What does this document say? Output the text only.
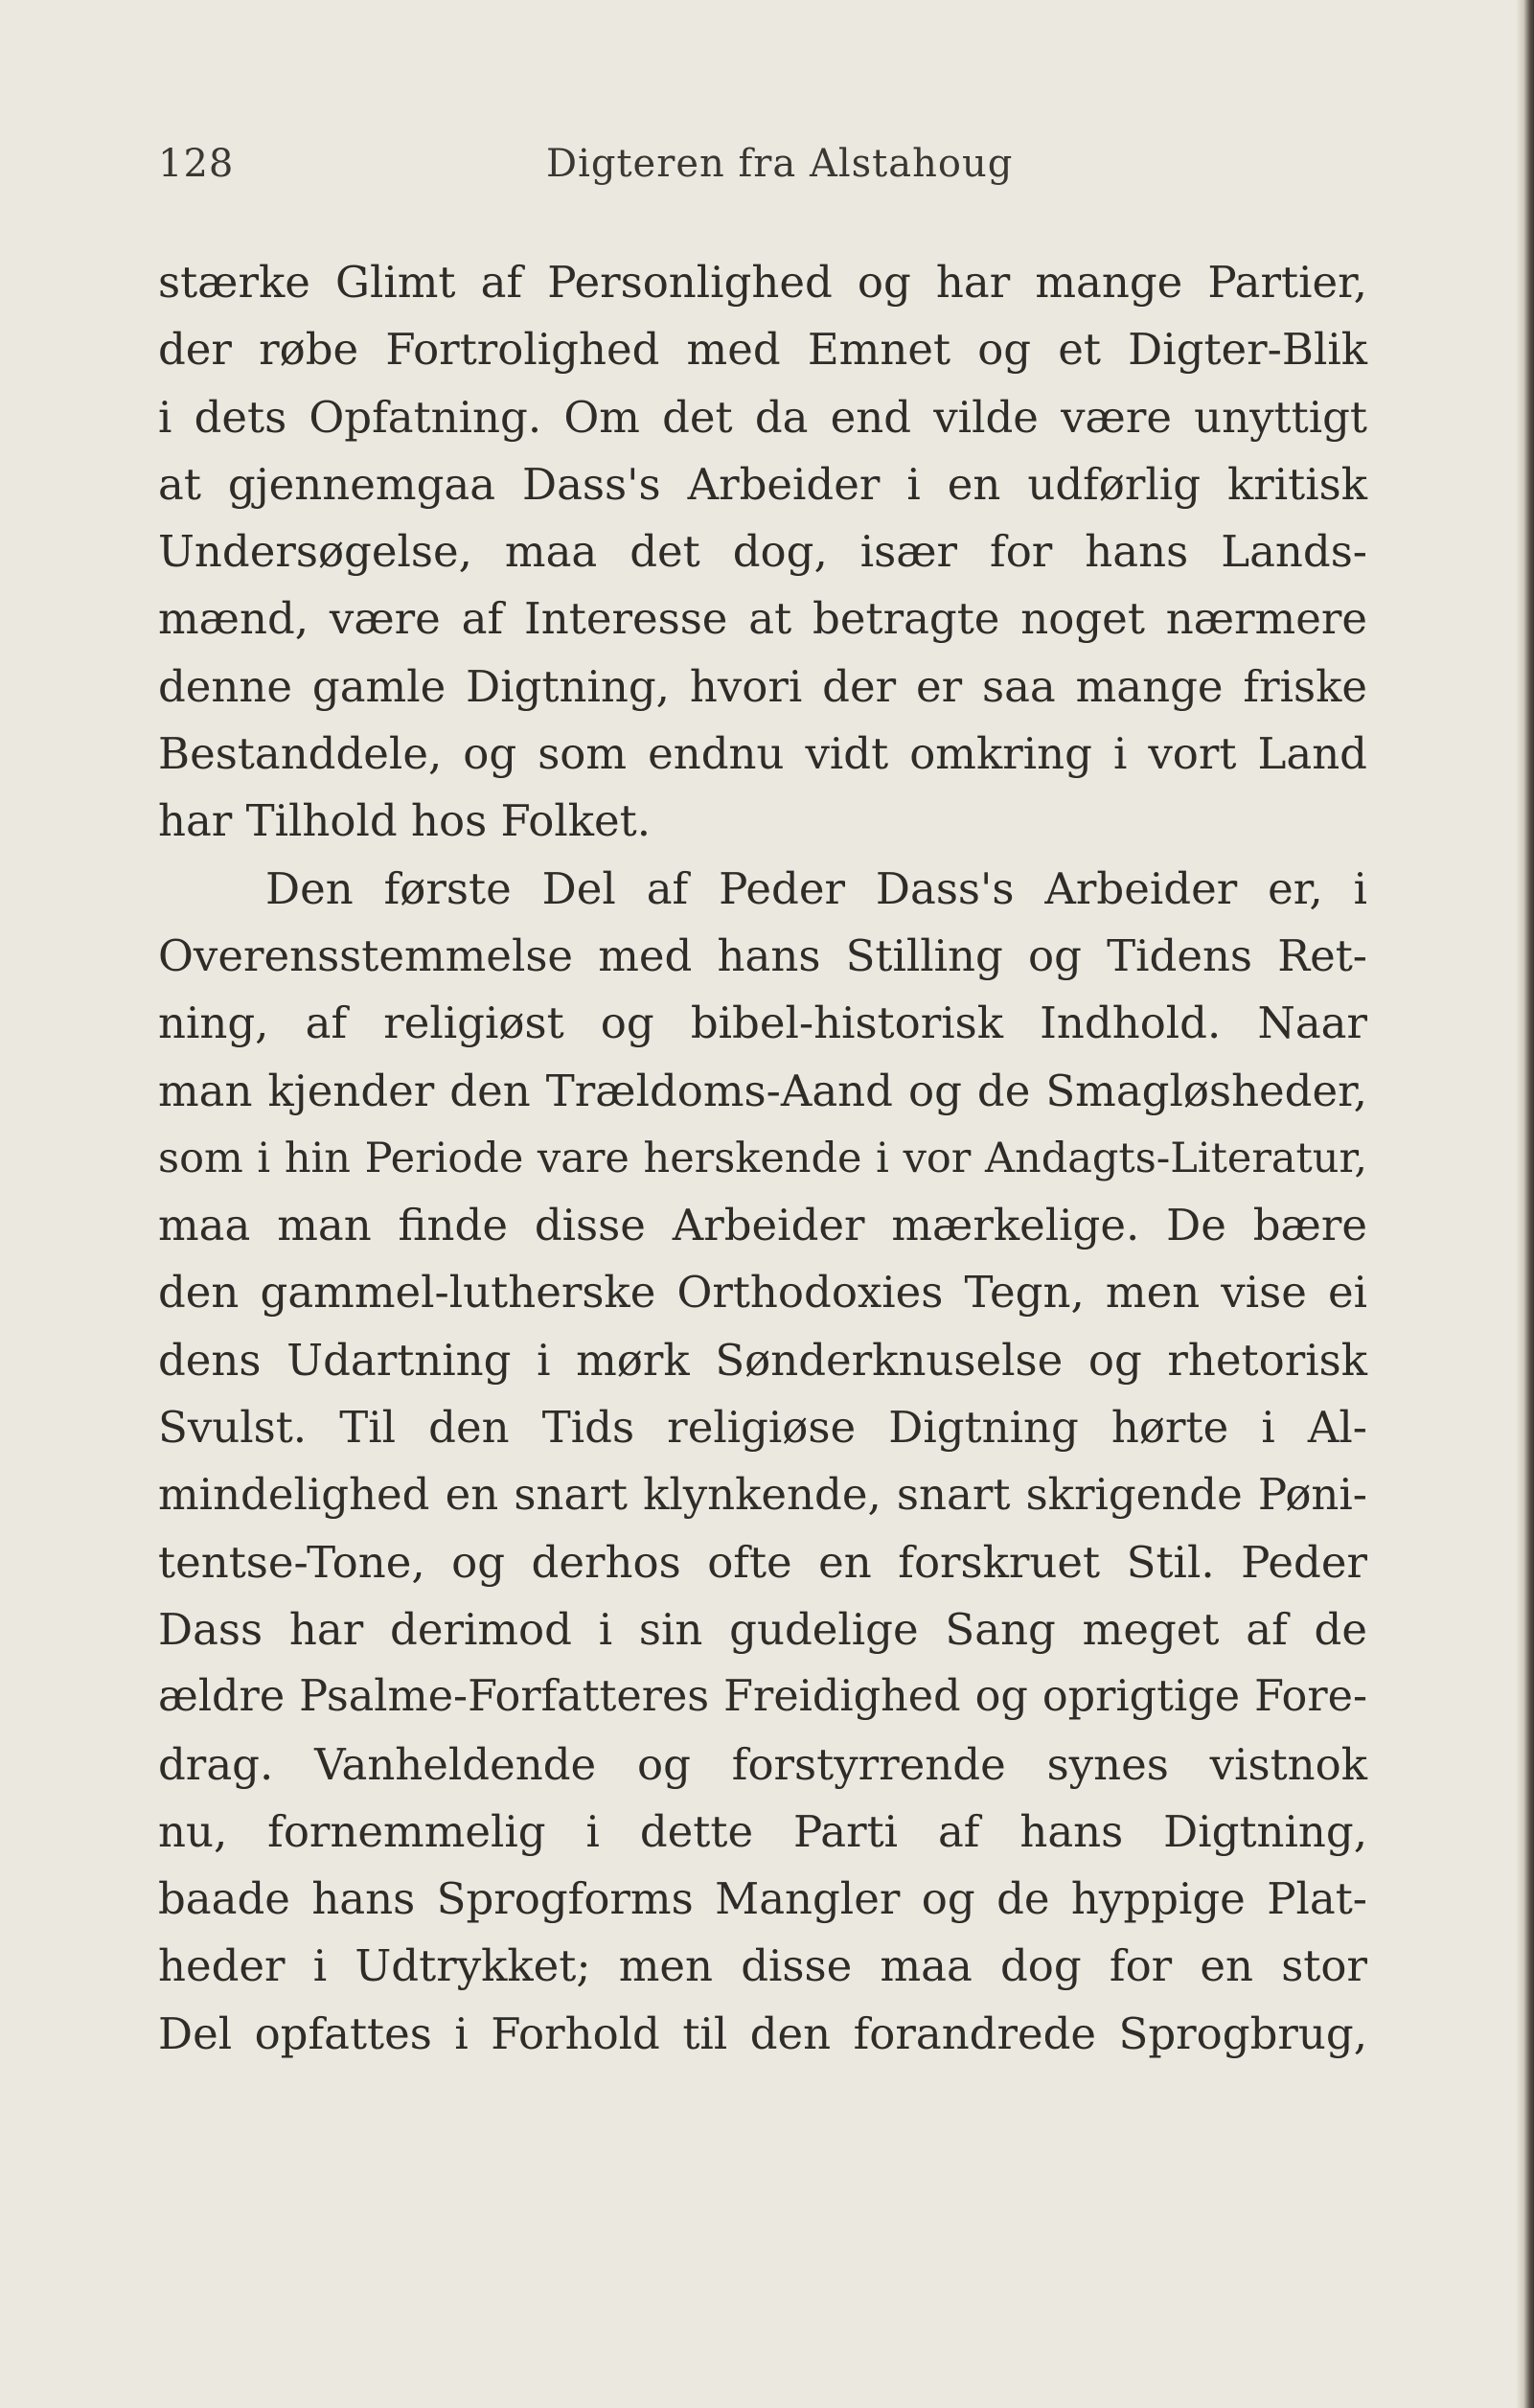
128	Digteren fra Alstahoug
stærke Glimt af Personlighed og har mange Partier,
der røbe Fortrolighed med Emnet og et Digter-Blik
i dets Opfatning. Om det da end vilde være unyttigt
at gjennemgaa Dass's Arbeider i en udførlig kritisk
Undersøgelse, maa det dog, især for hans Lands-
mænd, være af Interesse at betragte noget nærmere
denne gamle Digtning, hvori der er saa mange friske
Bestanddele, og som endnu vidt omkring i vort Land
har Tilhold hos Folket.
Den første Del af Peder Dass's Arbeider er, i
Overensstemmelse med hans Stilling og Tidens Ret-
ning, af religiøst og bibel-historisk Indhold. Naar
man kjender den Trældoms-Aand og de Smagløsheder,
som i hin Periode vare herskende i vor Andagts-Literatur,
maa man finde disse Arbeider mærkelige. De bære
den gammel-lutherske Orthodoxies Tegn, men vise ei
dens Udartning i mørk Sønderknuselse og rhetorisk
Svulst. Til den Tids religiøse Digtning hørte i Al-
mindelighed en snart klynkende, snart skrigende Pøni-
tentse-Tone, og derhos ofte en forskruet Stil. Peder
Dass har derimod i sin gudelige Sang meget af de
ældre Psalme-Forfatteres Freidighed og oprigtige Fore-
drag. Vanheldende og forstyrrende synes vistnok
nu, fornemmelig i dette Parti af hans Digtning,
baade hans Sprogforms Mangler og de hyppige Plat-
heder i Udtrykket; men disse maa dog for en stor
Del opfattes i Forhold til den forandrede Sprogbrug,
